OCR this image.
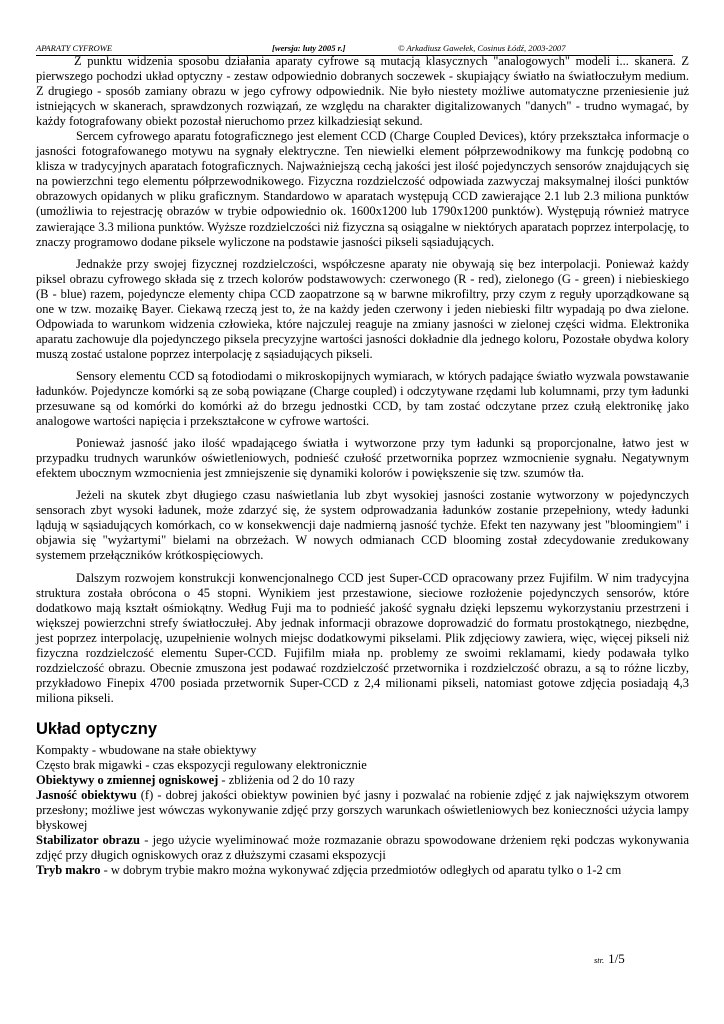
APARATY CYFROWE	[wersja: luty 2005 r.]	© Arkadiusz Gawełek, Cosinus Łódź, 2003-2007

Z punktu widzenia sposobu działania aparaty cyfrowe są mutacją klasycznych "analogowych" modeli i... skanera. Z pierwszego pochodzi układ optyczny - zestaw odpowiednio dobranych soczewek - skupiający światło na światłoczułym medium. Z drugiego - sposób zamiany obrazu w jego cyfrowy odpowiednik. Nie było niestety możliwe automatyczne przeniesienie już istniejących w skanerach, sprawdzonych rozwiązań, ze względu na charakter digitalizowanych "danych" - trudno wymagać, by każdy fotografowany obiekt pozostał nieruchomo przez kilkadziesiąt sekund.

Sercem cyfrowego aparatu fotograficznego jest element CCD (Charge Coupled Devices), który przekształca informacje o jasności fotografowanego motywu na sygnały elektryczne. Ten niewielki element półprzewodnikowy ma funkcję podobną co klisza w tradycyjnych aparatach fotograficznych. Najważniejszą cechą jakości jest ilość pojedynczych sensorów znajdujących się na powierzchni tego elementu półprzewodnikowego. Fizyczna rozdzielczość odpowiada zazwyczaj maksymalnej ilości punktów obrazowych opidanych w pliku graficznym. Standardowo w aparatach występują CCD zawierające 2.1 lub 2.3 miliona punktów (umożliwia to rejestrację obrazów w trybie odpowiednio ok. 1600x1200 lub 1790x1200 punktów). Występują również matryce zawierające 3.3 miliona punktów. Wyższe rozdzielczości niż fizyczna są osiągalne w niektórych aparatach poprzez interpolację, to znaczy programowo dodane piksele wyliczone na podstawie jasności pikseli sąsiadujących.

Jednakże przy swojej fizycznej rozdzielczości, współczesne aparaty nie obywają się bez interpolacji. Ponieważ każdy piksel obrazu cyfrowego składa się z trzech kolorów podstawowych: czerwonego (R - red), zielonego (G - green) i niebieskiego (B - blue) razem, pojedyncze elementy chipa CCD zaopatrzone są w barwne mikrofiltry, przy czym z reguły uporządkowane są one w tzw. mozaikę Bayer. Ciekawą rzeczą jest to, że na każdy jeden czerwony i jeden niebieski filtr wypadają po dwa zielone. Odpowiada to warunkom widzenia człowieka, które najczulej reaguje na zmiany jasności w zielonej części widma. Elektronika aparatu zachowuje dla pojedynczego piksela precyzyjne wartości jasności dokładnie dla jednego koloru, Pozostałe obydwa kolory muszą zostać ustalone poprzez interpolację z sąsiadujących pikseli.

Sensory elementu CCD są fotodiodami o mikroskopijnych wymiarach, w których padające światło wyzwala powstawanie ładunków. Pojedyncze komórki są ze sobą powiązane (Charge coupled) i odczytywane rzędami lub kolumnami, przy tym ładunki przesuwane są od komórki do komórki aż do brzegu jednostki CCD, by tam zostać odczytane przez czułą elektronikę jako analogowe wartości napięcia i przekształcone w cyfrowe wartości.

Ponieważ jasność jako ilość wpadającego światła i wytworzone przy tym ładunki są proporcjonalne, łatwo jest w przypadku trudnych warunków oświetleniowych, podnieść czułość przetwornika poprzez wzmocnienie sygnału. Negatywnym efektem ubocznym wzmocnienia jest zmniejszenie się dynamiki kolorów i powiększenie się tzw. szumów tła.

Jeżeli na skutek zbyt długiego czasu naświetlania lub zbyt wysokiej jasności zostanie wytworzony w pojedynczych sensorach zbyt wysoki ładunek, może zdarzyć się, że system odprowadzania ładunków zostanie przepełniony, wtedy ładunki lądują w sąsiadujących komórkach, co w konsekwencji daje nadmierną jasność tychże. Efekt ten nazywany jest "bloomingiem" i objawia się "wyżartymi" bielami na obrzeżach. W nowych odmianach CCD blooming został zdecydowanie zredukowany systemem przełączników krótkospięciowych.

Dalszym rozwojem konstrukcji konwencjonalnego CCD jest Super-CCD opracowany przez Fujifilm. W nim tradycyjna struktura została obrócona o 45 stopni. Wynikiem jest przestawione, sieciowe rozłożenie pojedynczych sensorów, które dodatkowo mają kształt ośmiokątny. Według Fuji ma to podnieść jakość sygnału dzięki lepszemu wykorzystaniu przestrzeni i większej powierzchni strefy światłoczułej. Aby jednak informacji obrazowe doprowadzić do formatu prostokątnego, niezbędne, jest poprzez interpolację, uzupełnienie wolnych miejsc dodatkowymi pikselami. Plik zdjęciowy zawiera, więc, więcej pikseli niż fizyczna rozdzielczość elementu Super-CCD. Fujifilm miała np. problemy ze swoimi reklamami, kiedy podawała tylko rozdzielczość obrazu. Obecnie zmuszona jest podawać rozdzielczość przetwornika i rozdzielczość obrazu, a są to różne liczby, przykładowo Finepix 4700 posiada przetwornik Super-CCD z 2,4 milionami pikseli, natomiast gotowe zdjęcia posiadają 4,3 miliona pikseli.

Układ optyczny

Kompakty - wbudowane na stałe obiektywy

Często brak migawki - czas ekspozycji regulowany elektronicznie

Obiektywy o zmiennej ogniskowej - zbliżenia od 2 do 10 razy

Jasność obiektywu (f) - dobrej jakości obiektyw powinien być jasny i pozwalać na robienie zdjęć z jak największym otworem przesłony; możliwe jest wówczas wykonywanie zdjęć przy gorszych warunkach oświetleniowych bez konieczności użycia lampy błyskowej

Stabilizator obrazu - jego użycie wyeliminować może rozmazanie obrazu spowodowane drżeniem ręki podczas wykonywania zdjęć przy długich ogniskowych oraz z dłuższymi czasami ekspozycji

Tryb makro - w dobrym trybie makro można wykonywać zdjęcia przedmiotów odległych od aparatu tylko o 1-2 cm

str. 1/5
